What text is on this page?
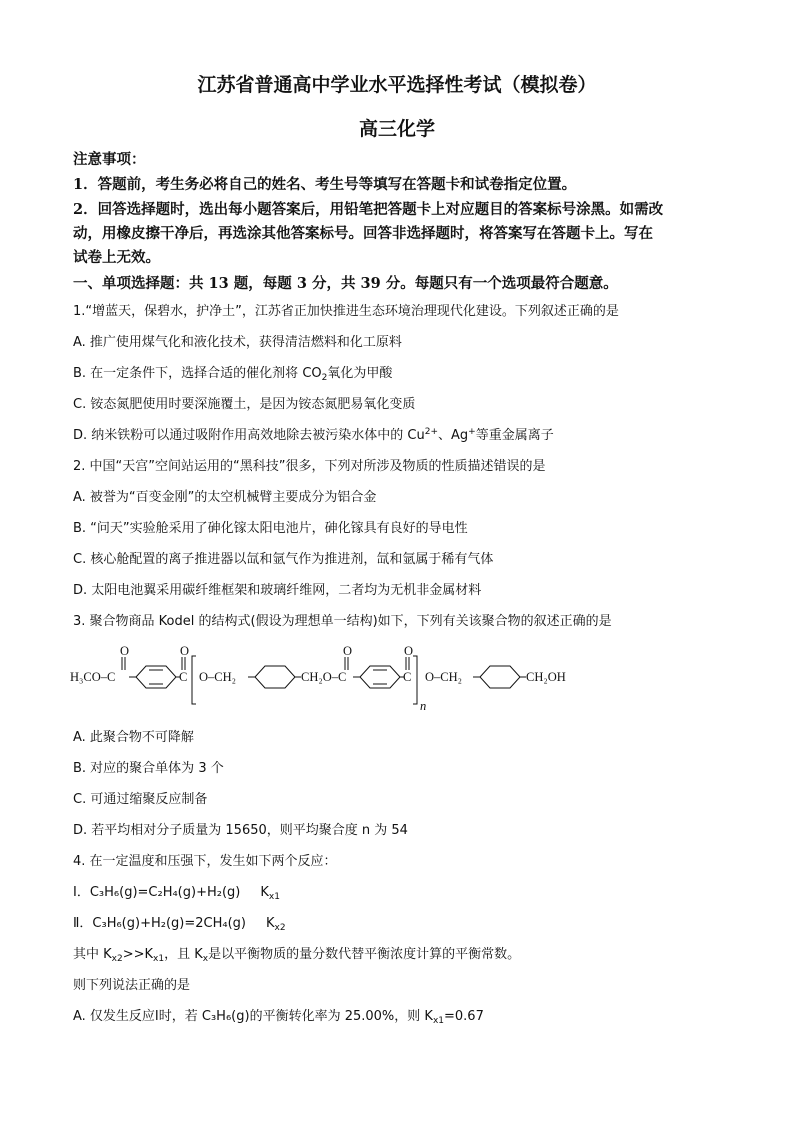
江苏省普通高中学业水平选择性考试（模拟卷）
高三化学
注意事项：
1．答题前，考生务必将自己的姓名、考生号等填写在答题卡和试卷指定位置。
2．回答选择题时，选出每小题答案后，用铅笔把答题卡上对应题目的答案标号涂黑。如需改
动，用橡皮擦干净后，再选涂其他答案标号。回答非选择题时，将答案写在答题卡上。写在
试卷上无效。
一、单项选择题：共 13 题，每题 3 分，共 39 分。每题只有一个选项最符合题意。
1.“增蓝天，保碧水，护净土”，江苏省正加快推进生态环境治理现代化建设。下列叙述正确的是
A. 推广使用煤气化和液化技术，获得清洁燃料和化工原料
B. 在一定条件下，选择合适的催化剂将 $CO_2$氧化为甲酸
C. 铵态氮肥使用时要深施覆土，是因为铵态氮肥易氧化变质
D. 纳米铁粉可以通过吸附作用高效地除去被污染水体中的 $Cu^{2+}$、Ag+等重金属离子
2. 中国“天宫”空间站运用的“黑科技”很多，下列对所涉及物质的性质描述错误的是
A. 被誉为“百变金刚”的太空机械臂主要成分为铝合金
B. “问天”实验舱采用了砷化镓太阳电池片，砷化镓具有良好的导电性
C. 核心舱配置的离子推进器以氙和氩气作为推进剂，氙和氩属于稀有气体
D. 太阳电池翼采用碳纤维框架和玻璃纤维网，二者均为无机非金属材料
3. 聚合物商品 Kodel 的结构式(假设为理想单一结构)如下，下列有关该聚合物的叙述正确的是
O	O	O	O
H₃CO–C	C O–CH₂	CH₂O–C	C O–CH₂	CH₂OH
n
A. 此聚合物不可降解
B. 对应的聚合单体为 3 个
C. 可通过缩聚反应制备
D. 若平均相对分子质量为 15650，则平均聚合度 n 为 54
4. 在一定温度和压强下，发生如下两个反应：
Ⅰ．C₃H₆(g)=C₂H₄(g)+H₂(g) $K_{x1}$
Ⅱ．C₃H₆(g)+H₂(g)=2CH₄(g) $K_{x2}$
其中 $K_{x2}>>K_{x1}$，且 $K_x$是以平衡物质的量分数代替平衡浓度计算的平衡常数。
则下列说法正确的是
A. 仅发生反应Ⅰ时，若 C₃H₆(g)的平衡转化率为 25.00%，则 $K_{x1}=0.67$
